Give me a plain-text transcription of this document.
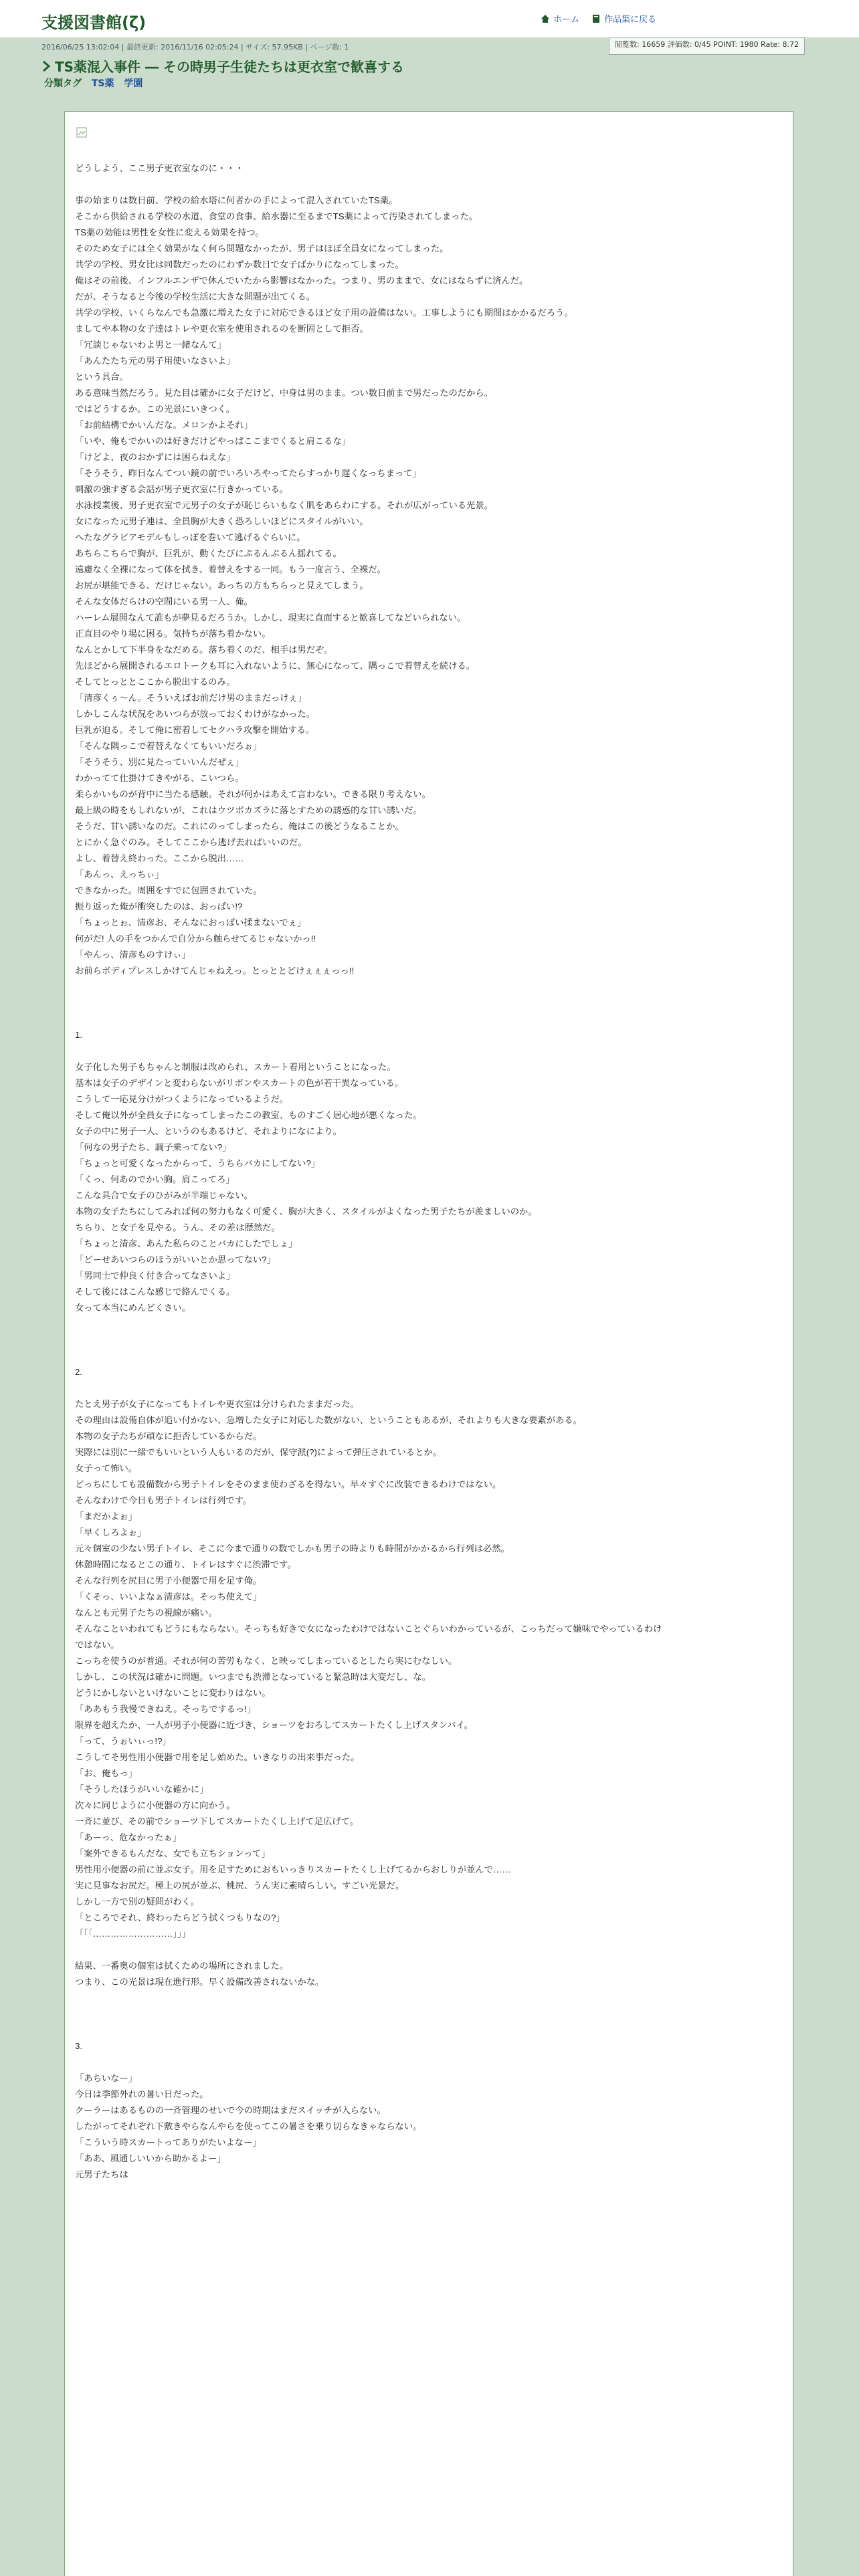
支援図書館(ζ)	ホーム	作品集に戻る
2016/06/25 13:02:04 | 最終更新: 2016/11/16 02:05:24 | サイズ: 57.95KB | ページ数: 1	閲覧数: 16659 評価数: 0/45 POINT: 1980 Rate: 8.72
TS薬混入事件 ― その時男子生徒たちは更衣室で歓喜する
分類タグ TS薬 学園
どうしよう、ここ男子更衣室なのに・・・
事の始まりは数日前、学校の給水塔に何者かの手によって混入されていたTS薬。
そこから供給される学校の水道、食堂の食事、給水器に至るまでTS薬によって汚染されてしまった。
TS薬の効能は男性を女性に変える効果を持つ。
そのため女子には全く効果がなく何ら問題なかったが、男子はほぼ全員女になってしまった。
共学の学校、男女比は同数だったのにわずか数日で女子ばかりになってしまった。
俺はその前後、インフルエンザで休んでいたから影響はなかった。つまり、男のままで、女にはならずに済んだ。
だが、そうなると今後の学校生活に大きな問題が出てくる。
共学の学校、いくらなんでも急激に増えた女子に対応できるほど女子用の設備はない。工事しようにも期間はかかるだろう。
ましてや本物の女子達はトレや更衣室を使用されるのを断固として拒否。
「冗談じゃないわよ男と一緒なんて」
「あんたたち元の男子用使いなさいよ」
という具合。
ある意味当然だろう。見た目は確かに女子だけど、中身は男のまま。つい数日前まで男だったのだから。
ではどうするか。この光景にいきつく。
「お前結構でかいんだな。メロンかよそれ」
「いや、俺もでかいのは好きだけどやっぱここまでくると肩こるな」
「けどよ、夜のおかずには困らねえな」
「そうそう、昨日なんてつい鏡の前でいろいろやってたらすっかり遅くなっちまって」
刺激の強すぎる会話が男子更衣室に行きかっている。
水泳授業後、男子更衣室で元男子の女子が恥じらいもなく肌をあらわにする。それが広がっている光景。
女になった元男子連は、全員胸が大きく恐ろしいほどにスタイルがいい。
へたなグラビアモデルもしっぽを巻いて逃げるぐらいに。
あちらこちらで胸が、巨乳が、動くたびにぷるんぷるん揺れてる。
遠慮なく全裸になって体を拭き、着替えをする一同。もう一度言う、全裸だ。
お尻が堪能できる、だけじゃない。あっちの方もちらっと見えてしまう。
そんな女体だらけの空間にいる男一人、俺。
ハーレム展開なんて誰もが夢見るだろうか。しかし、現実に直面すると歓喜してなどいられない。
正直目のやり場に困る。気持ちが落ち着かない。
なんとかして下半身をなだめる。落ち着くのだ、相手は男だぞ。
先ほどから展開されるエロトークも耳に入れないように、無心になって、隅っこで着替えを続ける。
そしてとっととここから脱出するのみ。
「清彦くぅ～ん。そういえばお前だけ男のままだっけぇ」
しかしこんな状況をあいつらが放っておくわけがなかった。
巨乳が迫る。そして俺に密着してセクハラ攻撃を開始する。
「そんな隅っこで着替えなくてもいいだろぉ」
「そうそう、別に見たっていいんだぜぇ」
わかってて仕掛けてきやがる、こいつら。
柔らかいものが背中に当たる感触。それが何かはあえて言わない。できる限り考えない。
最上級の時をもしれないが、これはウツボカズラに落とすための誘惑的な甘い誘いだ。
そうだ、甘い誘いなのだ。これにのってしまったら、俺はこの後どうなることか。
とにかく急ぐのみ。そしてここから逃げ去ればいいのだ。
よし、着替え終わった。ここから脱出……
「あんっ、えっちぃ」
できなかった。周囲をすでに包囲されていた。
振り返った俺が衝突したのは、おっぱい!?
「ちょっとぉ、清彦お、そんなにおっぱい揉まないでぇ」
何がだ! 人の手をつかんで自分から触らせてるじゃないかっ!!
「やんっ、清彦ものすけぃ」
お前らボディプレスしかけてんじゃねえっ。とっととどけぇぇぇっっ!!
1.
女子化した男子もちゃんと制服は改められ、スカート着用ということになった。
基本は女子のデザインと変わらないがリボンやスカートの色が若干異なっている。
こうして一応見分けがつくようになっているようだ。
そして俺以外が全員女子になってしまったこの教室、ものすごく居心地が悪くなった。
女子の中に男子一人、というのもあるけど、それよりになにより。
「何なの男子たち、調子乗ってない?」
「ちょっと可愛くなったからって、うちらバカにしてない?」
「くっ、何あのでかい胸。肩こってろ」
こんな具合で女子のひがみが半端じゃない。
本物の女子たちにしてみれば何の努力もなく可愛く、胸が大きく、スタイルがよくなった男子たちが羨ましいのか。
ちらり、と女子を見やる。うん、その差は歴然だ。
「ちょっと清彦、あんた私らのことバカにしたでしょ」
「どーせあいつらのほうがいいとか思ってない?」
「男同士で仲良く付き合ってなさいよ」
そして後にはこんな感じで絡んでくる。
女って本当にめんどくさい。
2.
たとえ男子が女子になってもトイレや更衣室は分けられたままだった。
その理由は設備自体が追い付かない、急増した女子に対応した数がない、ということもあるが、それよりも大きな要素がある。
本物の女子たちが頑なに拒否しているからだ。
実際には別に一緒でもいいという人もいるのだが、保守派(?)によって弾圧されているとか。
女子って怖い。
どっちにしても設備数から男子トイレをそのまま使わざるを得ない。早々すぐに改装できるわけではない。
そんなわけで今日も男子トイレは行列です。
「まだかよぉ」
「早くしろよぉ」
元々個室の少ない男子トイレ、そこに今まで通りの数でしかも男子の時よりも時間がかかるから行列は必然。
休憩時間になるとこの通り、トイレはすぐに渋滞です。
そんな行列を尻目に男子小便器で用を足す俺。
「くそっ、いいよなぁ清彦は。そっち使えて」
なんとも元男子たちの視線が痛い。
そんなこといわれてもどうにもならない。そっちも好きで女になったわけではないことぐらいわかっているが、こっちだって嫌味でやっているわけ
ではない。
こっちを使うのが普通。それが何の苦労もなく、と映ってしまっているとしたら実にむなしい。
しかし、この状況は確かに問題。いつまでも渋滞となっていると緊急時は大変だし、な。
どうにかしないといけないことに変わりはない。
「ああもう我慢できねえ。そっちでするっ!」
限界を超えたか、一人が男子小便器に近づき、ショーツをおろしてスカートたくし上げスタンバイ。
「って、うぉいぃっ!?」
こうしてそ男性用小便器で用を足し始めた。いきなりの出来事だった。
「お、俺もっ」
「そうしたほうがいいな確かに」
次々に同じように小便器の方に向かう。
一斉に並び、その前でショーツ下してスカートたくし上げて足広げて。
「あーっ、危なかったぁ」
「案外できるもんだな、女でも立ちションって」
男性用小便器の前に並ぶ女子。用を足すためにおもいっきりスカートたくし上げてるからおしりが並んで……
実に見事なお尻だ。極上の尻が並ぶ、桃尻、うん実に素晴らしい。すごい光景だ。
しかし一方で別の疑問がわく。
「ところでそれ、終わったらどう拭くつもりなの?」
「「「………………………」」」
結果、一番奥の個室は拭くための場所にされました。
つまり、この光景は現在進行形。早く設備改善されないかな。
3.
「あちいなー」
今日は季節外れの暑い日だった。
クーラーはあるものの一斉管理のせいで今の時期はまだスイッチが入らない。
したがってそれぞれ下敷きやらなんやらを使ってこの暑さを乗り切らなきゃならない。
「こういう時スカートってありがたいよなー」
「ああ、風通しいいから助かるよー」
元男子たちは
